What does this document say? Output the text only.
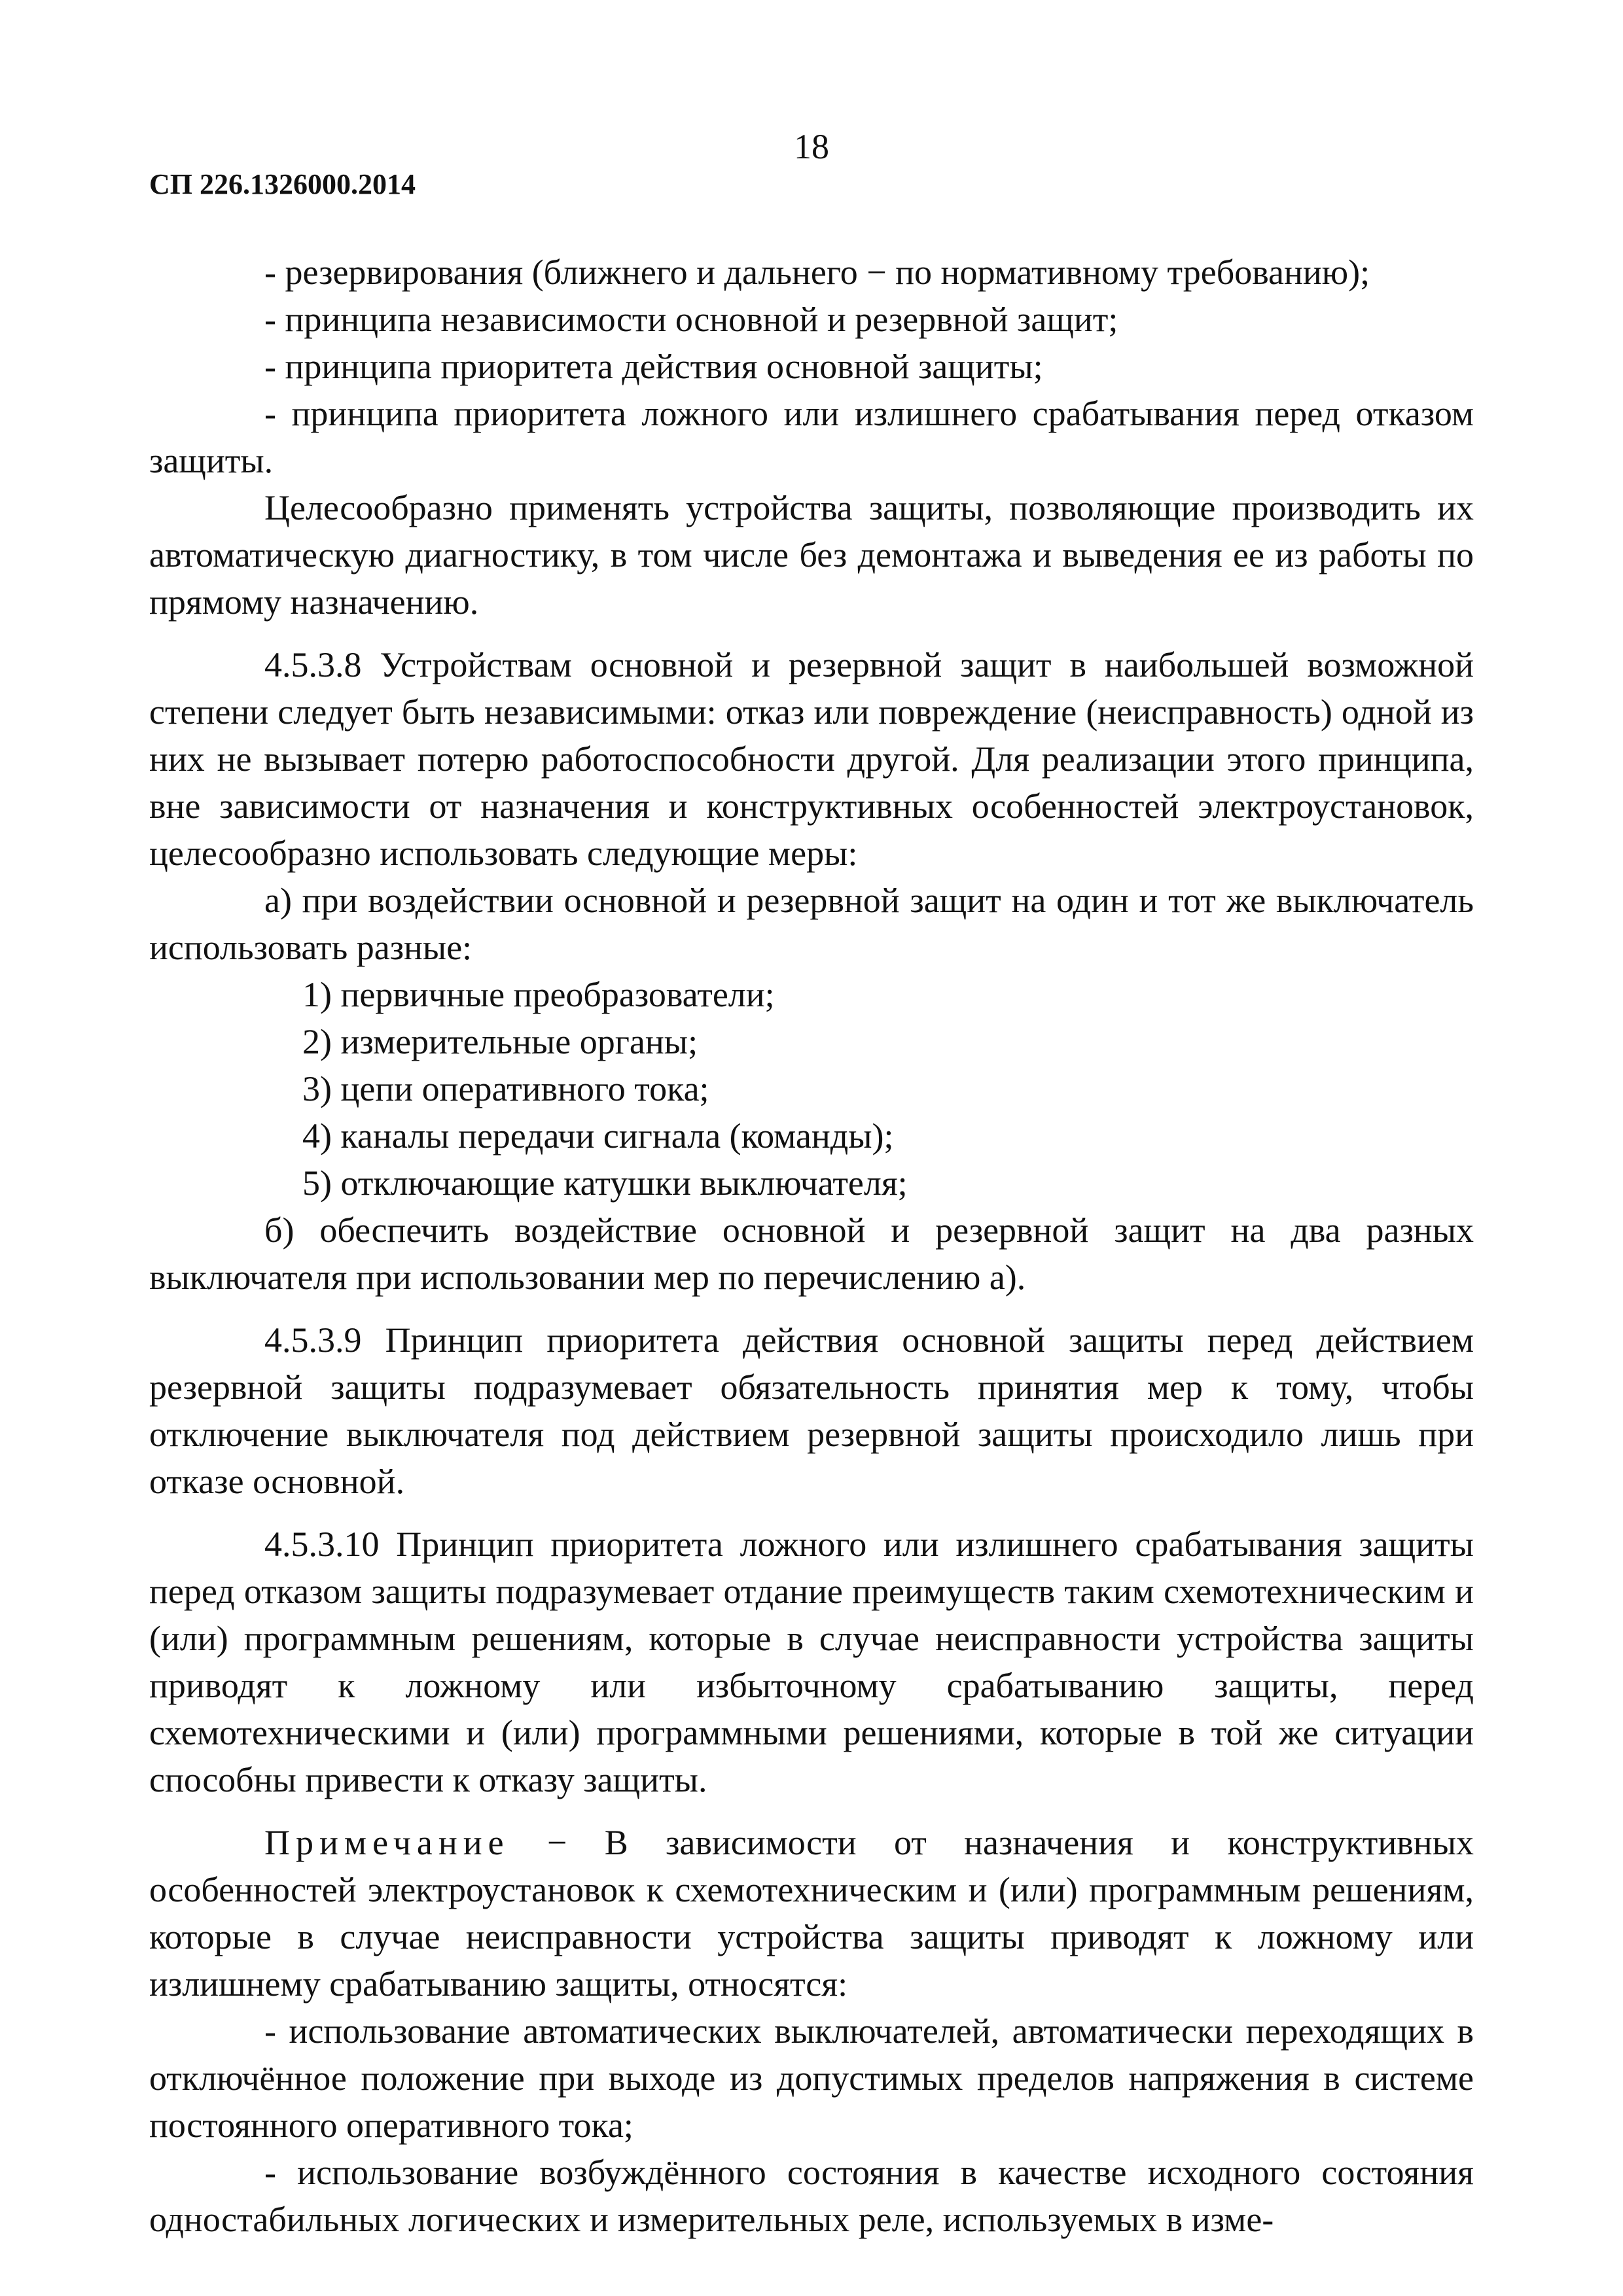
18
СП 226.1326000.2014

- резервирования (ближнего и дальнего − по нормативному требованию);

- принципа независимости основной и резервной защит;

- принципа приоритета действия основной защиты;

- принципа приоритета ложного или излишнего срабатывания перед отказом защиты.

Целесообразно применять устройства защиты, позволяющие производить их автоматическую диагностику, в том числе без демонтажа и выведения ее из работы по прямому назначению.

4.5.3.8 Устройствам основной и резервной защит в наибольшей возможной степени следует быть независимыми: отказ или повреждение (неисправность) одной из них не вызывает потерю работоспособности другой. Для реализации этого принципа, вне зависимости от назначения и конструктивных особенностей электроустановок, целесообразно использовать следующие меры:

а) при воздействии основной и резервной защит на один и тот же выключатель использовать разные:

1) первичные преобразователи;

2) измерительные органы;

3) цепи оперативного тока;

4) каналы передачи сигнала (команды);

5) отключающие катушки выключателя;

б) обеспечить воздействие основной и резервной защит на два разных выключателя при использовании мер по перечислению а).

4.5.3.9 Принцип приоритета действия основной защиты перед действием резервной защиты подразумевает обязательность принятия мер к тому, чтобы отключение выключателя под действием резервной защиты происходило лишь при отказе основной.

4.5.3.10 Принцип приоритета ложного или излишнего срабатывания защиты перед отказом защиты подразумевает отдание преимуществ таким схемотехническим и (или) программным решениям, которые в случае неисправности устройства защиты приводят к ложному или избыточному срабатыванию защиты, перед схемотехническими и (или) программными решениями, которые в той же ситуации способны привести к отказу защиты.

Примечание − В зависимости от назначения и конструктивных особенностей электроустановок к схемотехническим и (или) программным решениям, которые в случае неисправности устройства защиты приводят к ложному или излишнему срабатыванию защиты, относятся:

- использование автоматических выключателей, автоматически переходящих в отключённое положение при выходе из допустимых пределов напряжения в системе постоянного оперативного тока;

- использование возбуждённого состояния в качестве исходного состояния одностабильных логических и измерительных реле, используемых в изме-
